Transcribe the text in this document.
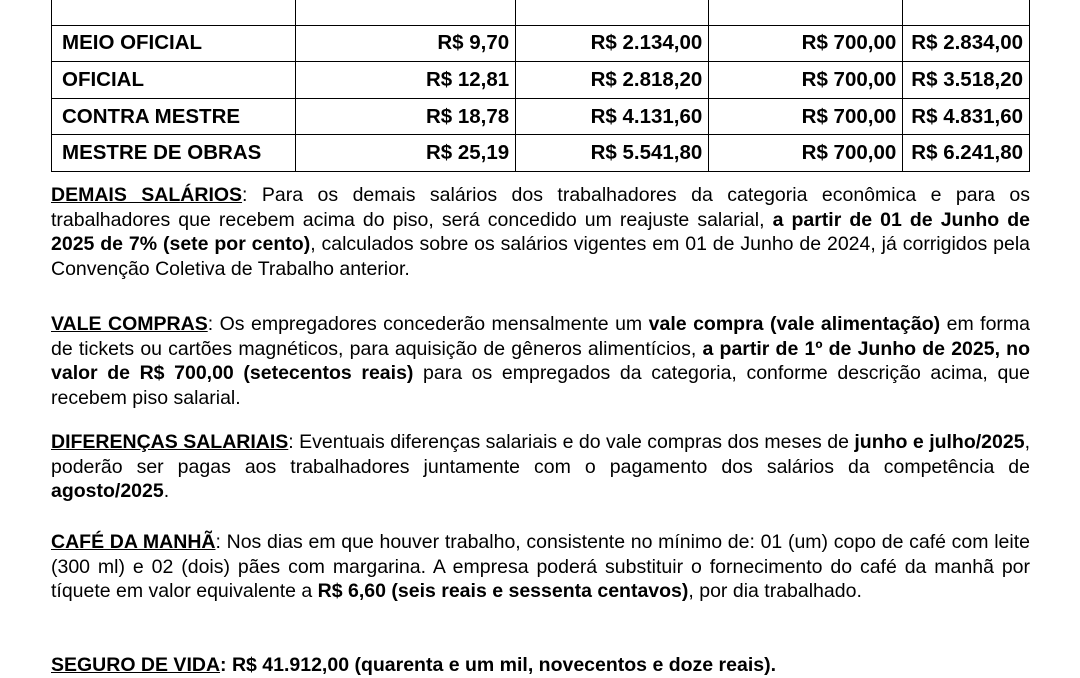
MEIO OFICIAL	R$ 9,70	R$ 2.134,00	R$ 700,00	R$ 2.834,00
OFICIAL	R$ 12,81	R$ 2.818,20	R$ 700,00	R$ 3.518,20
CONTRA MESTRE	R$ 18,78	R$ 4.131,60	R$ 700,00	R$ 4.831,60
MESTRE DE OBRAS	R$ 25,19	R$ 5.541,80	R$ 700,00	R$ 6.241,80
DEMAIS SALÁRIOS: Para os demais salários dos trabalhadores da categoria econômica e para os trabalhadores que recebem acima do piso, será concedido um reajuste salarial, a partir de 01 de Junho de 2025 de 7% (sete por cento), calculados sobre os salários vigentes em 01 de Junho de 2024, já corrigidos pela Convenção Coletiva de Trabalho anterior.
VALE COMPRAS: Os empregadores concederão mensalmente um vale compra (vale alimentação) em forma de tickets ou cartões magnéticos, para aquisição de gêneros alimentícios, a partir de 1º de Junho de 2025, no valor de R$ 700,00 (setecentos reais) para os empregados da categoria, conforme descrição acima, que recebem piso salarial.
DIFERENÇAS SALARIAIS: Eventuais diferenças salariais e do vale compras dos meses de junho e julho/2025, poderão ser pagas aos trabalhadores juntamente com o pagamento dos salários da competência de agosto/2025.
CAFÉ DA MANHÃ: Nos dias em que houver trabalho, consistente no mínimo de: 01 (um) copo de café com leite (300 ml) e 02 (dois) pães com margarina. A empresa poderá substituir o fornecimento do café da manhã por tíquete em valor equivalente a R$ 6,60 (seis reais e sessenta centavos), por dia trabalhado.
SEGURO DE VIDA: R$ 41.912,00 (quarenta e um mil, novecentos e doze reais).
